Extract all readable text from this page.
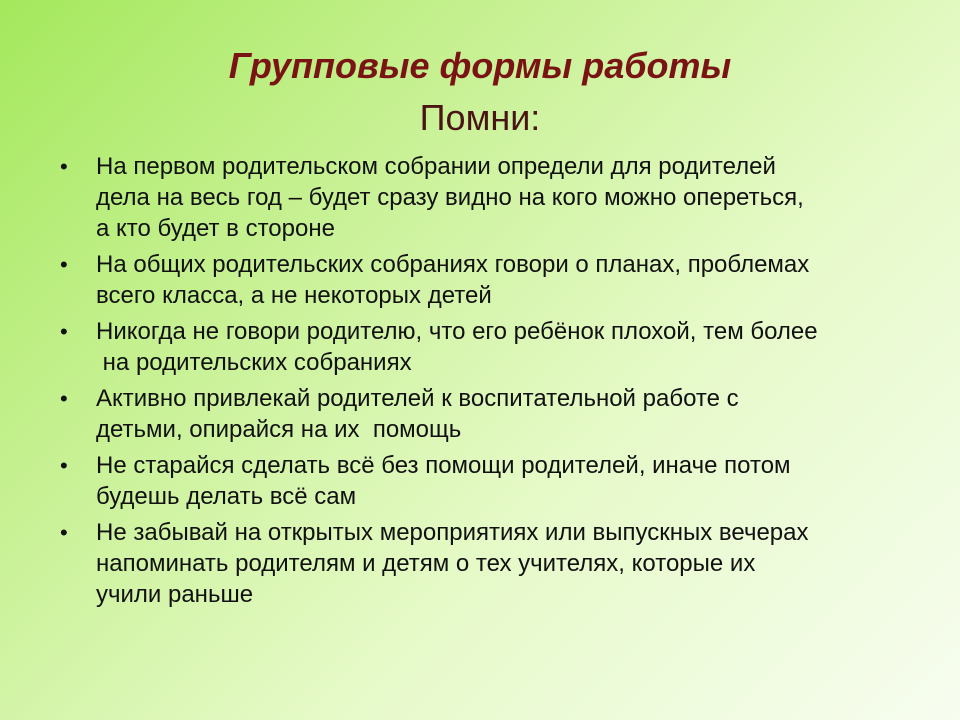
Групповые формы работы
Помни:
• На первом родительском собрании определи для родителей
дела на весь год – будет сразу видно на кого можно опереться,
а кто будет в стороне
• На общих родительских собраниях говори о планах, проблемах
всего класса, а не некоторых детей
• Никогда не говори родителю, что его ребёнок плохой, тем более
на родительских собраниях
• Активно привлекай родителей к воспитательной работе с
детьми, опирайся на их  помощь
• Не старайся сделать всё без помощи родителей, иначе потом
будешь делать всё сам
• Не забывай на открытых мероприятиях или выпускных вечерах
напоминать родителям и детям о тех учителях, которые их
учили раньше
